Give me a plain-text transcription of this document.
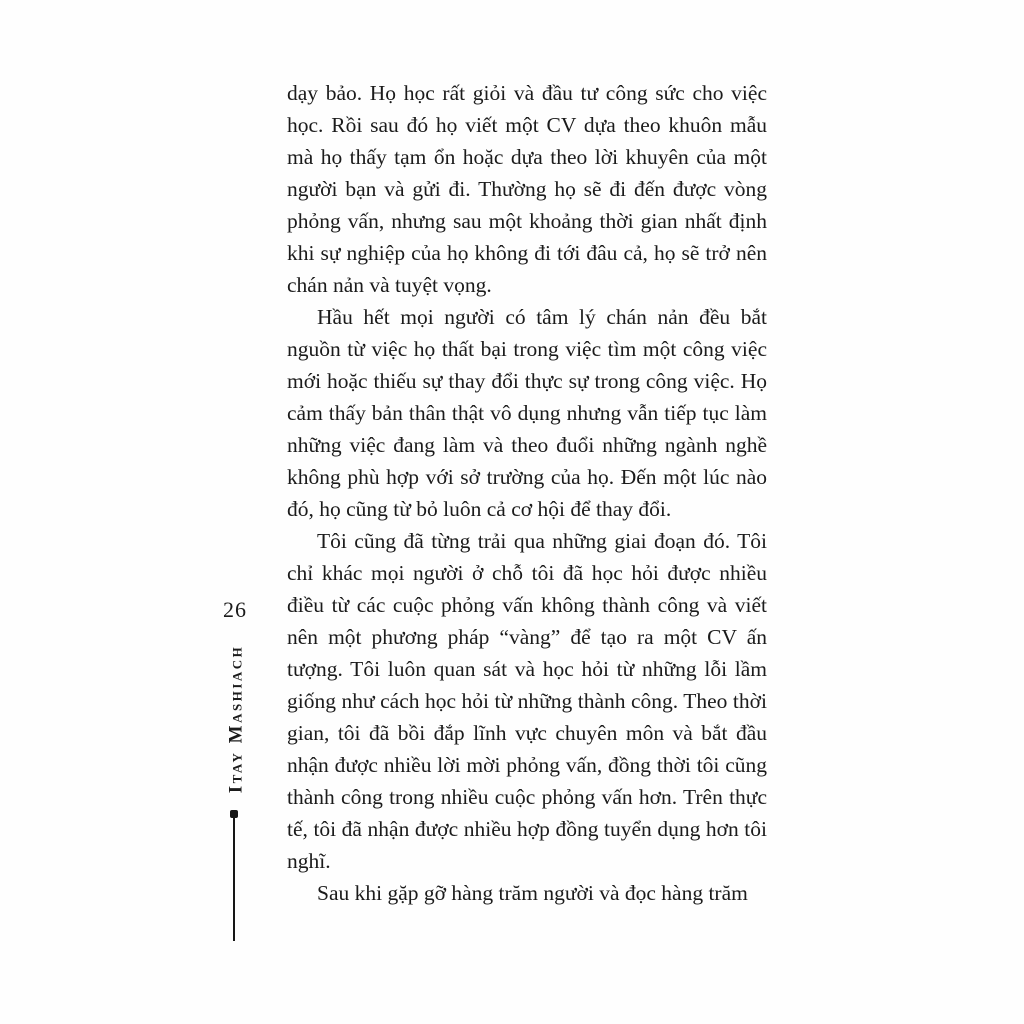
26
Itay Mashiach

dạy bảo. Họ học rất giỏi và đầu tư công sức cho việc học. Rồi sau đó họ viết một CV dựa theo khuôn mẫu mà họ thấy tạm ổn hoặc dựa theo lời khuyên của một người bạn và gửi đi. Thường họ sẽ đi đến được vòng phỏng vấn, nhưng sau một khoảng thời gian nhất định khi sự nghiệp của họ không đi tới đâu cả, họ sẽ trở nên chán nản và tuyệt vọng.

Hầu hết mọi người có tâm lý chán nản đều bắt nguồn từ việc họ thất bại trong việc tìm một công việc mới hoặc thiếu sự thay đổi thực sự trong công việc. Họ cảm thấy bản thân thật vô dụng nhưng vẫn tiếp tục làm những việc đang làm và theo đuổi những ngành nghề không phù hợp với sở trường của họ. Đến một lúc nào đó, họ cũng từ bỏ luôn cả cơ hội để thay đổi.

Tôi cũng đã từng trải qua những giai đoạn đó. Tôi chỉ khác mọi người ở chỗ tôi đã học hỏi được nhiều điều từ các cuộc phỏng vấn không thành công và viết nên một phương pháp “vàng” để tạo ra một CV ấn tượng. Tôi luôn quan sát và học hỏi từ những lỗi lầm giống như cách học hỏi từ những thành công. Theo thời gian, tôi đã bồi đắp lĩnh vực chuyên môn và bắt đầu nhận được nhiều lời mời phỏng vấn, đồng thời tôi cũng thành công trong nhiều cuộc phỏng vấn hơn. Trên thực tế, tôi đã nhận được nhiều hợp đồng tuyển dụng hơn tôi nghĩ.

Sau khi gặp gỡ hàng trăm người và đọc hàng trăm
